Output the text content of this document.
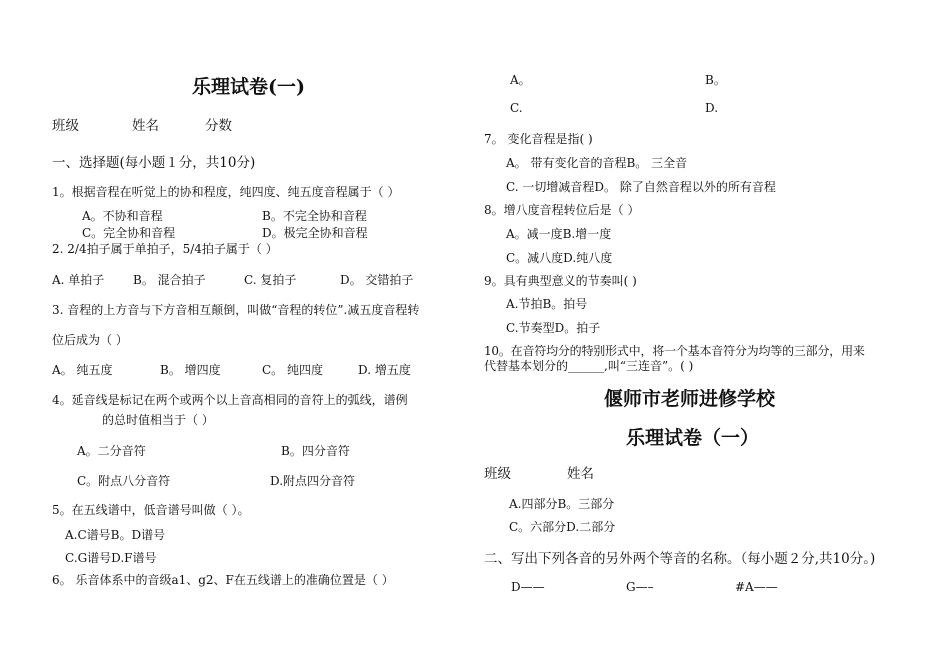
乐理试卷(一)
班级	姓名	分数
一、选择题(每小题１分，共10分)
1。根据音程在听觉上的协和程度，纯四度、纯五度音程属于（ ）
A。不协和音程	B。不完全协和音程
C。完全协和音程	D。极完全协和音程
2. 2/4拍子属于单拍子，5/4拍子属于（ ）
A. 单拍子 B。 混合拍子	C. 复拍子	D。 交错拍子
3. 音程的上方音与下方音相互颠倒，叫做“音程的转位”.减五度音程转
位后成为（ ）
A。 纯五度	B。 增四度	C。 纯四度	D. 增五度
4。延音线是标记在两个或两个以上音高相同的音符上的弧线，谱例
的总时值相当于（ ）
A。二分音符	B。四分音符
C。附点八分音符	D.附点四分音符
5。在五线谱中，低音谱号叫做（ ）。
A.C谱号B。D谱号
C.G谱号D.F谱号
6。 乐音体系中的音级a1、g2、F在五线谱上的准确位置是（ ）
A。	B。
C.	D.
7。 变化音程是指( )
A。 带有变化音的音程B。 三全音
C. 一切增减音程D。 除了自然音程以外的所有音程
8。增八度音程转位后是（ ）
A。减一度B.增一度
C。减八度D.纯八度
9。具有典型意义的节奏叫( )
A.节拍B。拍号
C.节奏型D。拍子
10。在音符均分的特别形式中，将一个基本音符分为均等的三部分，用来
代替基本划分的______,叫“三连音”。( )
偃师市老师进修学校
乐理试卷（一）
班级	姓名
A.四部分B。三部分
C。六部分D.二部分
二、写出下列各音的另外两个等音的名称。（每小题２分,共10分。)
D——	G—–	#A——
